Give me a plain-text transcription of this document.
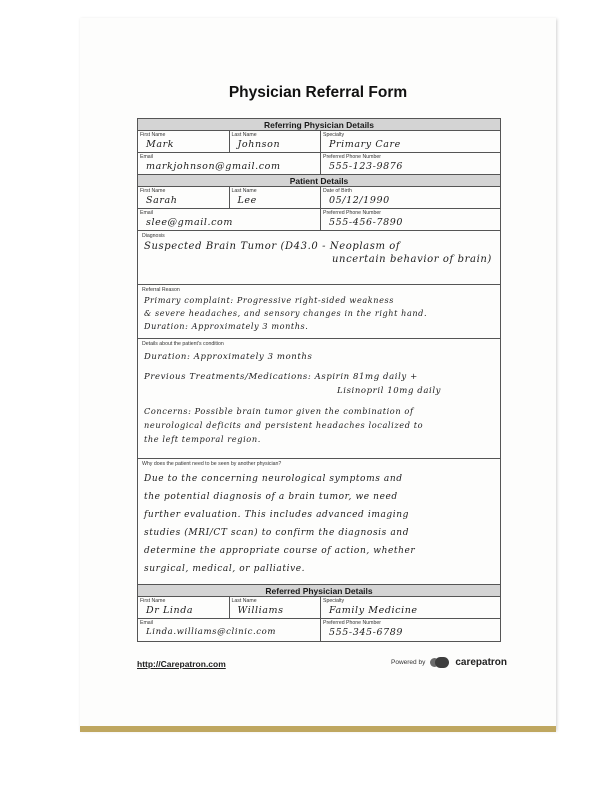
Physician Referral Form
Referring Physician Details
First Name
Mark
Last Name
Johnson
Specialty
Primary Care
Email
markjohnson@gmail.com
Preferred Phone Number
555-123-9876
Patient Details
First Name
Sarah
Last Name
Lee
Date of Birth
05/12/1990
Email
slee@gmail.com
Preferred Phone Number
555-456-7890
Diagnosis
Suspected Brain Tumor (D43.0 - Neoplasm of
uncertain behavior of brain)
Referral Reason
Primary complaint: Progressive right-sided weakness
& severe headaches, and sensory changes in the right hand.
Duration: Approximately 3 months.
Details about the patient's condition
Duration: Approximately 3 months
Previous Treatments/Medications: Aspirin 81mg daily +
Lisinopril 10mg daily
Concerns: Possible brain tumor given the combination of
neurological deficits and persistent headaches localized to
the left temporal region.
Why does the patient need to be seen by another physician?
Due to the concerning neurological symptoms and
the potential diagnosis of a brain tumor, we need
further evaluation. This includes advanced imaging
studies (MRI/CT scan) to confirm the diagnosis and
determine the appropriate course of action, whether
surgical, medical, or palliative.
Referred Physician Details
First Name
Dr Linda
Last Name
Williams
Specialty
Family Medicine
Email
Linda.williams@clinic.com
Preferred Phone Number
555-345-6789
http://Carepatron.com	Powered by	carepatron
